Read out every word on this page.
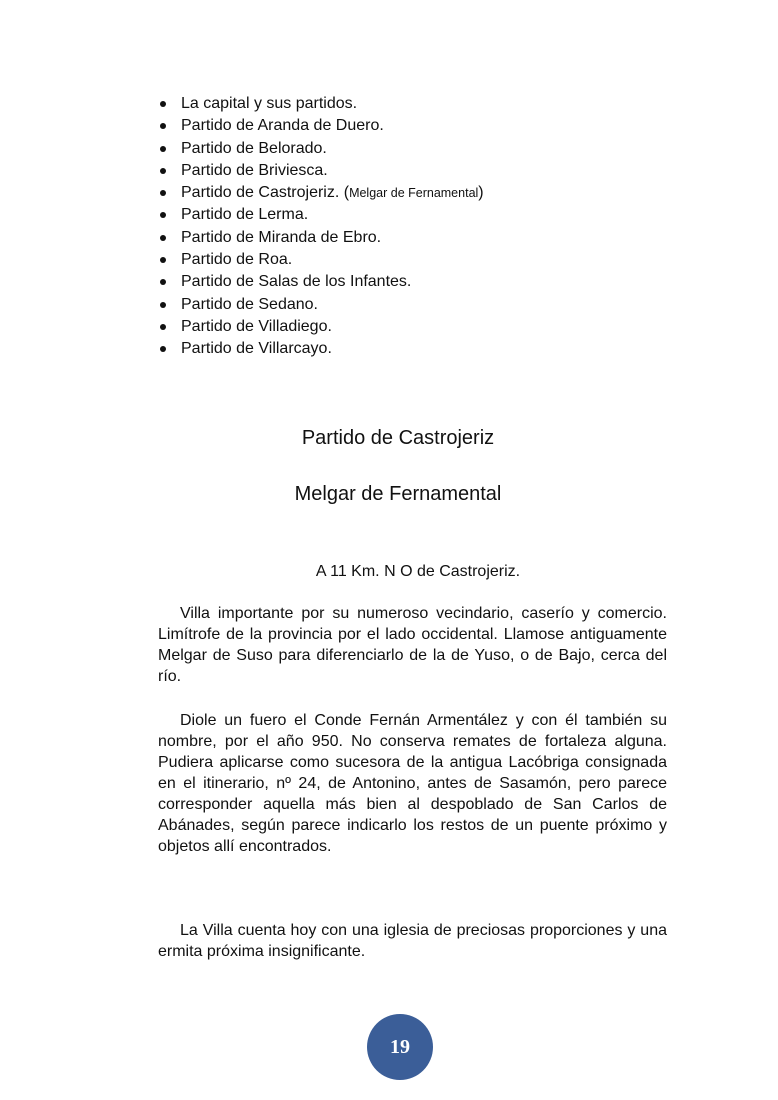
La capital y sus partidos.
Partido de Aranda de Duero.
Partido de Belorado.
Partido de Briviesca.
Partido de Castrojeriz. (Melgar de Fernamental)
Partido de Lerma.
Partido de Miranda de Ebro.
Partido de Roa.
Partido de Salas de los Infantes.
Partido de Sedano.
Partido de Villadiego.
Partido de Villarcayo.
Partido de Castrojeriz
Melgar de Fernamental

A 11 Km. N O de Castrojeriz.

Villa importante por su numeroso vecindario, caserío y comercio. Limítrofe de la provincia por el lado occidental. Llamose antiguamente Melgar de Suso para diferenciarlo de la de Yuso, o de Bajo, cerca del río.

Diole un fuero el Conde Fernán Armentález y con él también su nombre, por el año 950. No conserva remates de fortaleza alguna. Pudiera aplicarse como sucesora de la antigua Lacóbriga consignada en el itinerario, nº 24, de Antonino, antes de Sasamón, pero parece corresponder aquella más bien al despoblado de San Carlos de Abánades, según parece indicarlo los restos de un puente próximo y objetos allí encontrados.

La Villa cuenta hoy con una iglesia de preciosas proporciones y una ermita próxima insignificante.

19
